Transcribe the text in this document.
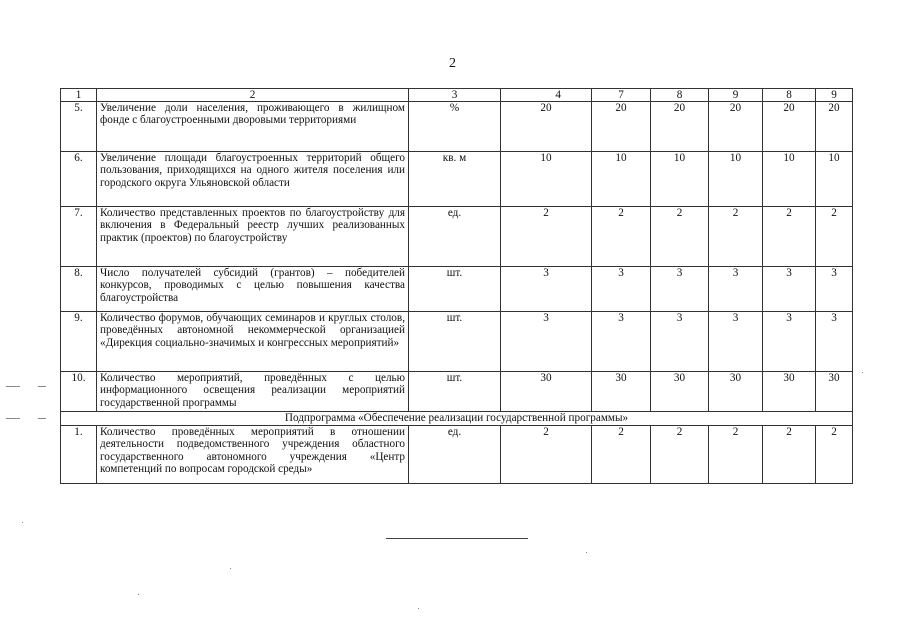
2
1	2	3	4	7	8	9	8	9
5.	Увеличение доли населения, проживающего в жилищном фонде с благоустроенными дворовыми территориями	%	20	20	20	20	20	20
6.	Увеличение площади благоустроенных территорий общего пользования, приходящихся на одного жителя поселения или городского округа Ульяновской области	кв. м	10	10	10	10	10	10
7.	Количество представленных проектов по благоустройству для включения в Федеральный реестр лучших реализованных практик (проектов) по благоустройству	ед.	2	2	2	2	2	2
8.	Число получателей субсидий (грантов) – победителей конкурсов, проводимых с целью повышения качества благоустройства	шт.	3	3	3	3	3	3
9.	Количество форумов, обучающих семинаров и круглых столов, проведённых автономной некоммерческой организацией «Дирекция социально-значимых и конгрессных мероприятий»	шт.	3	3	3	3	3	3
10.	Количество мероприятий, проведённых с целью информационного освещения реализации мероприятий государственной программы	шт.	30	30	30	30	30	30
Подпрограмма «Обеспечение реализации государственной программы»								
1.	Количество проведённых мероприятий в отношении деятельности подведомственного учреждения областного государственного автономного учреждения «Центр компетенций по вопросам городской среды»	ед.	2	2	2	2	2	2
